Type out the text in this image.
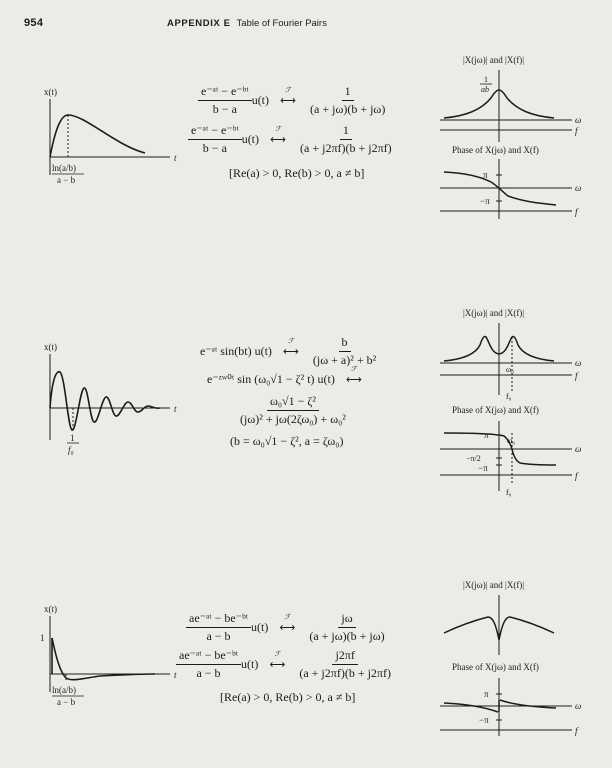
954	APPENDIX E Table of Fourier Pairs
x(t)
t
ln(a/b)
a − b
e⁻ᵃᵗ − e⁻ᵇᵗ
b − a
u(t)
ℱ
⟷
1
(a + jω)(b + jω)
e⁻ᵃᵗ − e⁻ᵇᵗ
b − a
u(t)
ℱ
⟷
1
(a + j2πf)(b + j2πf)
[Re(a) > 0, Re(b) > 0, a ≠ b]
|X(jω)| and |X(f)|
1
ab
ω
f
Phase of X(jω) and X(f)
π
−π
ω
f
x(t)
t
1
f₀
e⁻ᵃᵗ sin(bt) u(t)
ℱ
⟷
b
(jω + a)² + b²
e⁻ᶻʷ⁰ᵗ sin (ω₀√1 − ζ² t) u(t)
ℱ
⟷
ω₀√1 − ζ²
(jω)² + jω(2ζω₀) + ω₀²
(b = ω₀√1 − ζ², a = ζω₀)
|X(jω)| and |X(f)|
ω₀
f₀
ω
f
Phase of X(jω) and X(f)
π
−π/2
−π
ω₀
f₀
ω
f
x(t)
1
t
ln(a/b)
a − b
ae⁻ᵃᵗ − be⁻ᵇᵗ
a − b
u(t)
ℱ
⟷
jω
(a + jω)(b + jω)
ae⁻ᵃᵗ − be⁻ᵇᵗ
a − b
u(t)
ℱ
⟷
j2πf
(a + j2πf)(b + j2πf)
[Re(a) > 0, Re(b) > 0, a ≠ b]
|X(jω)| and |X(f)|
Phase of X(jω) and X(f)
π
−π
ω
f
